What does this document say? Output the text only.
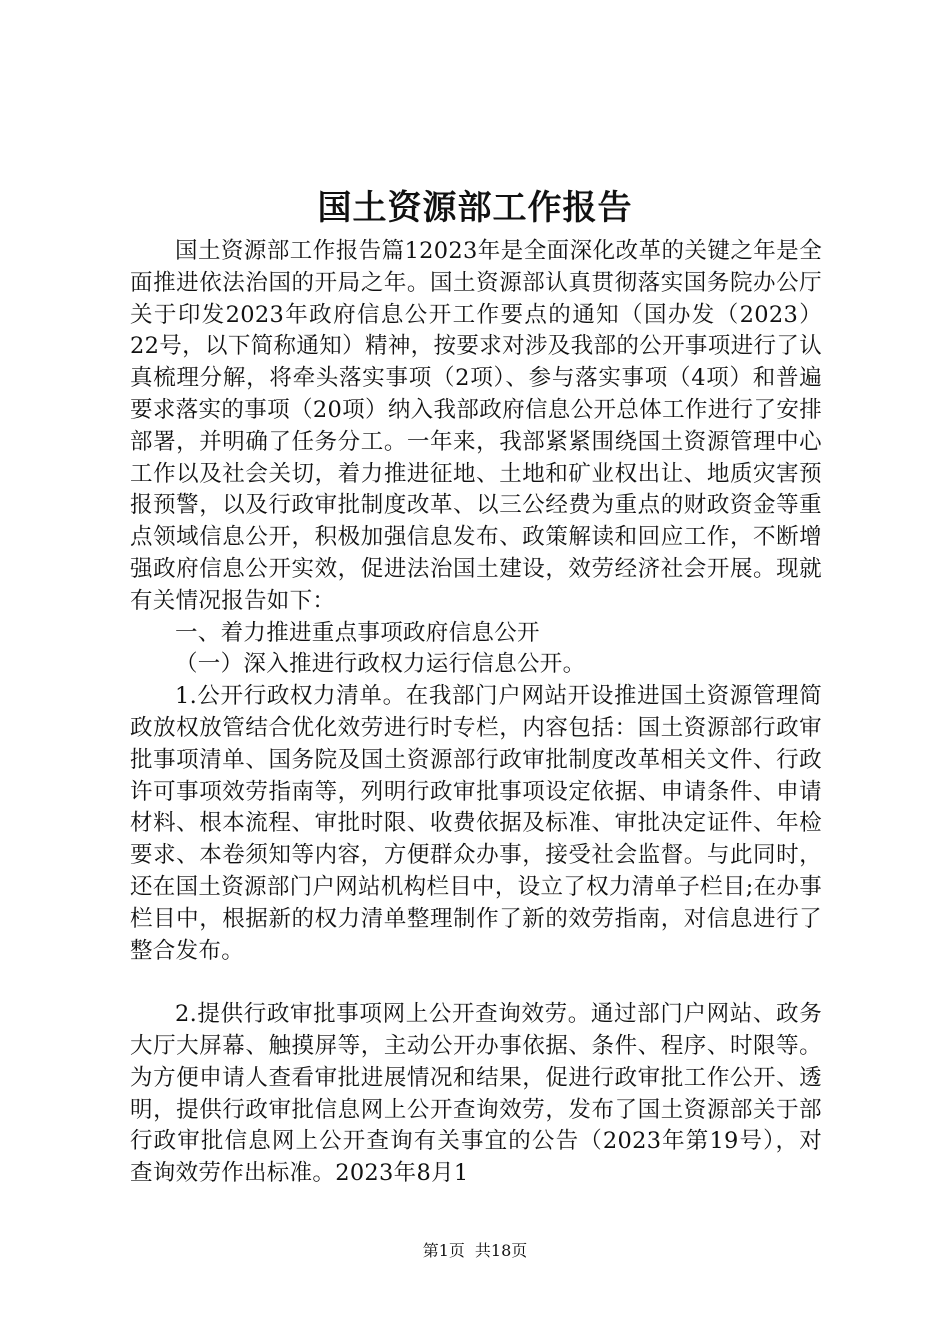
国土资源部工作报告

国土资源部工作报告篇12023年是全面深化改革的关键之年是全面推进依法治国的开局之年。国土资源部认真贯彻落实国务院办公厅关于印发2023年政府信息公开工作要点的通知（国办发（2023）22号，以下简称通知）精神，按要求对涉及我部的公开事项进行了认真梳理分解，将牵头落实事项（2项）、参与落实事项（4项）和普遍要求落实的事项（20项）纳入我部政府信息公开总体工作进行了安排部署，并明确了任务分工。一年来，我部紧紧围绕国土资源管理中心工作以及社会关切，着力推进征地、土地和矿业权出让、地质灾害预报预警，以及行政审批制度改革、以三公经费为重点的财政资金等重点领域信息公开，积极加强信息发布、政策解读和回应工作，不断增强政府信息公开实效，促进法治国土建设，效劳经济社会开展。现就有关情况报告如下：

一、着力推进重点事项政府信息公开

（一）深入推进行政权力运行信息公开。

1.公开行政权力清单。在我部门户网站开设推进国土资源管理简政放权放管结合优化效劳进行时专栏，内容包括：国土资源部行政审批事项清单、国务院及国土资源部行政审批制度改革相关文件、行政许可事项效劳指南等，列明行政审批事项设定依据、申请条件、申请材料、根本流程、审批时限、收费依据及标准、审批决定证件、年检要求、本卷须知等内容，方便群众办事，接受社会监督。与此同时，还在国土资源部门户网站机构栏目中，设立了权力清单子栏目;在办事栏目中，根据新的权力清单整理制作了新的效劳指南，对信息进行了整合发布。

2.提供行政审批事项网上公开查询效劳。通过部门户网站、政务大厅大屏幕、触摸屏等，主动公开办事依据、条件、程序、时限等。为方便申请人查看审批进展情况和结果，促进行政审批工作公开、透明，提供行政审批信息网上公开查询效劳，发布了国土资源部关于部行政审批信息网上公开查询有关事宜的公告（2023年第19号），对查询效劳作出标准。2023年8月1

第1页 共18页
